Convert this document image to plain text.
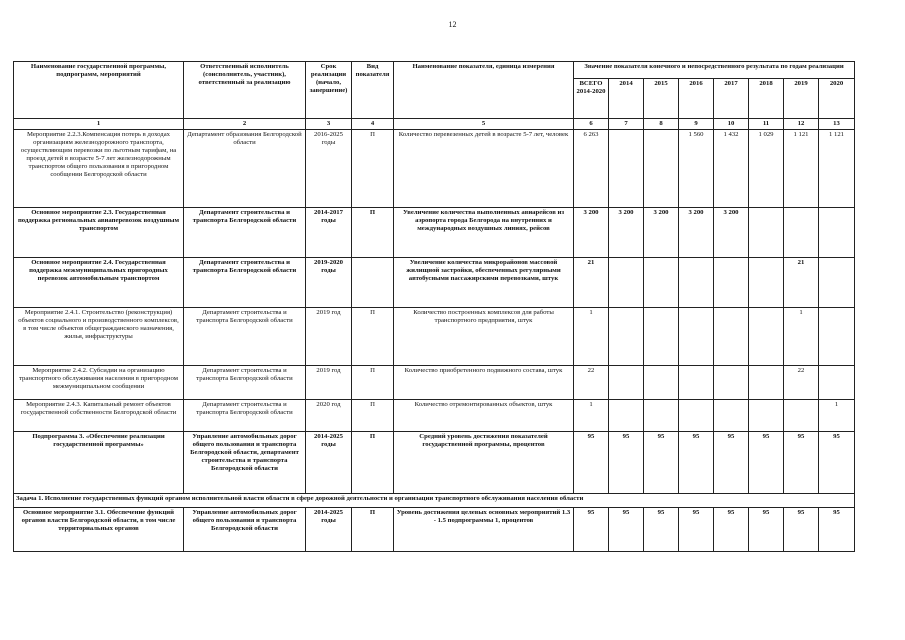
12
Наименование государственной программы, подпрограмм, мероприятий	Ответственный исполнитель (соисполнитель, участник), ответственный за реализацию	Срок реализации (начало, завершение)	Вид показателя	Наименование показателя, единица измерения	Значение показателя конечного и непосредственного результата по годам реализации							
					ВСЕГО 2014-2020	2014	2015	2016	2017	2018	2019	2020
1	2	3	4	5	6	7	8	9	10	11	12	13
Мероприятие 2.2.3.Компенсация потерь в доходах организациям железнодорожного транспорта, осуществляющим перевозки по льготным тарифам, на проезд детей в возрасте 5-7 лет железнодорожным транспортом общего пользования в пригородном сообщении Белгородской области	Департамент образования Белгородской области	2016-2025 годы	П	Количество перевезенных детей в возрасте 5-7 лет, человек	6 263			1 560	1 432	1 029	1 121	1 121
Основное мероприятие 2.3. Государственная поддержка региональных авиаперевозок воздушным транспортом	Департамент строительства и транспорта Белгородской области	2014-2017 годы	П	Увеличение количества выполненных авиарейсов из аэропорта города Белгорода на внутренних и международных воздушных линиях, рейсов	3 200	3 200	3 200	3 200	3 200			
Основное мероприятие 2.4. Государственная поддержка межмуниципальных пригородных перевозок автомобильным транспортом	Департамент строительства и транспорта Белгородской области	2019-2020 годы		Увеличение количества микрорайонов массовой жилищной застройки, обеспеченных регулярными автобусными пассажирскими перевозками, штук	21						21	
Мероприятие 2.4.1. Строительство (реконструкция) объектов социального и производственного комплексов, в том числе объектов общегражданского назначения, жилья, инфраструктуры	Департамент строительства и транспорта Белгородской области	2019 год	П	Количество построенных комплексов для работы транспортного предприятия, штук	1						1	
Мероприятие 2.4.2. Субсидии на организацию транспортного обслуживания населения в пригородном межмуниципальном сообщении	Департамент строительства и транспорта Белгородской области	2019 год	П	Количество приобретенного подвижного состава, штук	22						22	
Мероприятие 2.4.3. Капитальный ремонт объектов государственной собственности Белгородской области	Департамент строительства и транспорта Белгородской области	2020 год	П	Количество отремонтированных объектов, штук	1							1
Подпрограмма 3. «Обеспечение реализации государственной программы»	Управление автомобильных дорог общего пользования и транспорта Белгородской области, департамент строительства и транспорта Белгородской области	2014-2025 годы	П	Средний уровень достижения показателей государственной программы, процентов	95	95	95	95	95	95	95	95
Задача 1. Исполнение государственных функций органом исполнительной власти области в сфере дорожной деятельности и организации транспортного обслуживания населения области												
Основное мероприятие 3.1. Обеспечение функций органов власти Белгородской области, в том числе территориальных органов	Управление автомобильных дорог общего пользования и транспорта Белгородской области	2014-2025 годы	П	Уровень достижения целевых основных мероприятий 1.3 - 1.5 подпрограммы 1, процентов	95	95	95	95	95	95	95	95
